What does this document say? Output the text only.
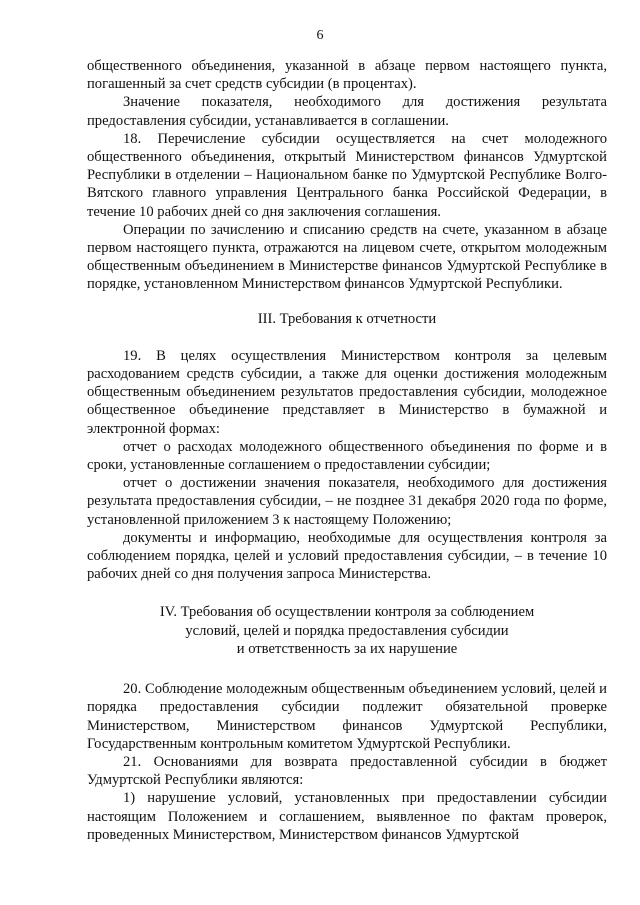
6

общественного объединения, указанной в абзаце первом настоящего пункта, погашенный за счет средств субсидии (в процентах).

Значение показателя, необходимого для достижения результата предоставления субсидии, устанавливается в соглашении.

18. Перечисление субсидии осуществляется на счет молодежного общественного объединения, открытый Министерством финансов Удмуртской Республики в отделении – Национальном банке по Удмуртской Республике Волго-Вятского главного управления Центрального банка Российской Федерации, в течение 10 рабочих дней со дня заключения соглашения.

Операции по зачислению и списанию средств на счете, указанном в абзаце первом настоящего пункта, отражаются на лицевом счете, открытом молодежным общественным объединением в Министерстве финансов Удмуртской Республике в порядке, установленном Министерством финансов Удмуртской Республики.

III. Требования к отчетности

19. В целях осуществления Министерством контроля за целевым расходованием средств субсидии, а также для оценки достижения молодежным общественным объединением результатов предоставления субсидии, молодежное общественное объединение представляет в Министерство в бумажной и электронной формах:

отчет о расходах молодежного общественного объединения по форме и в сроки, установленные соглашением о предоставлении субсидии;

отчет о достижении значения показателя, необходимого для достижения результата предоставления субсидии, – не позднее 31 декабря 2020 года по форме, установленной приложением 3 к настоящему Положению;

документы и информацию, необходимые для осуществления контроля за соблюдением порядка, целей и условий предоставления субсидии, – в течение 10 рабочих дней со дня получения запроса Министерства.

IV. Требования об осуществлении контроля за соблюдением
условий, целей и порядка предоставления субсидии
и ответственность за их нарушение

20. Соблюдение молодежным общественным объединением условий, целей и порядка предоставления субсидии подлежит обязательной проверке Министерством, Министерством финансов Удмуртской Республики, Государственным контрольным комитетом Удмуртской Республики.

21. Основаниями для возврата предоставленной субсидии в бюджет Удмуртской Республики являются:

1) нарушение условий, установленных при предоставлении субсидии настоящим Положением и соглашением, выявленное по фактам проверок, проведенных Министерством, Министерством финансов Удмуртской
